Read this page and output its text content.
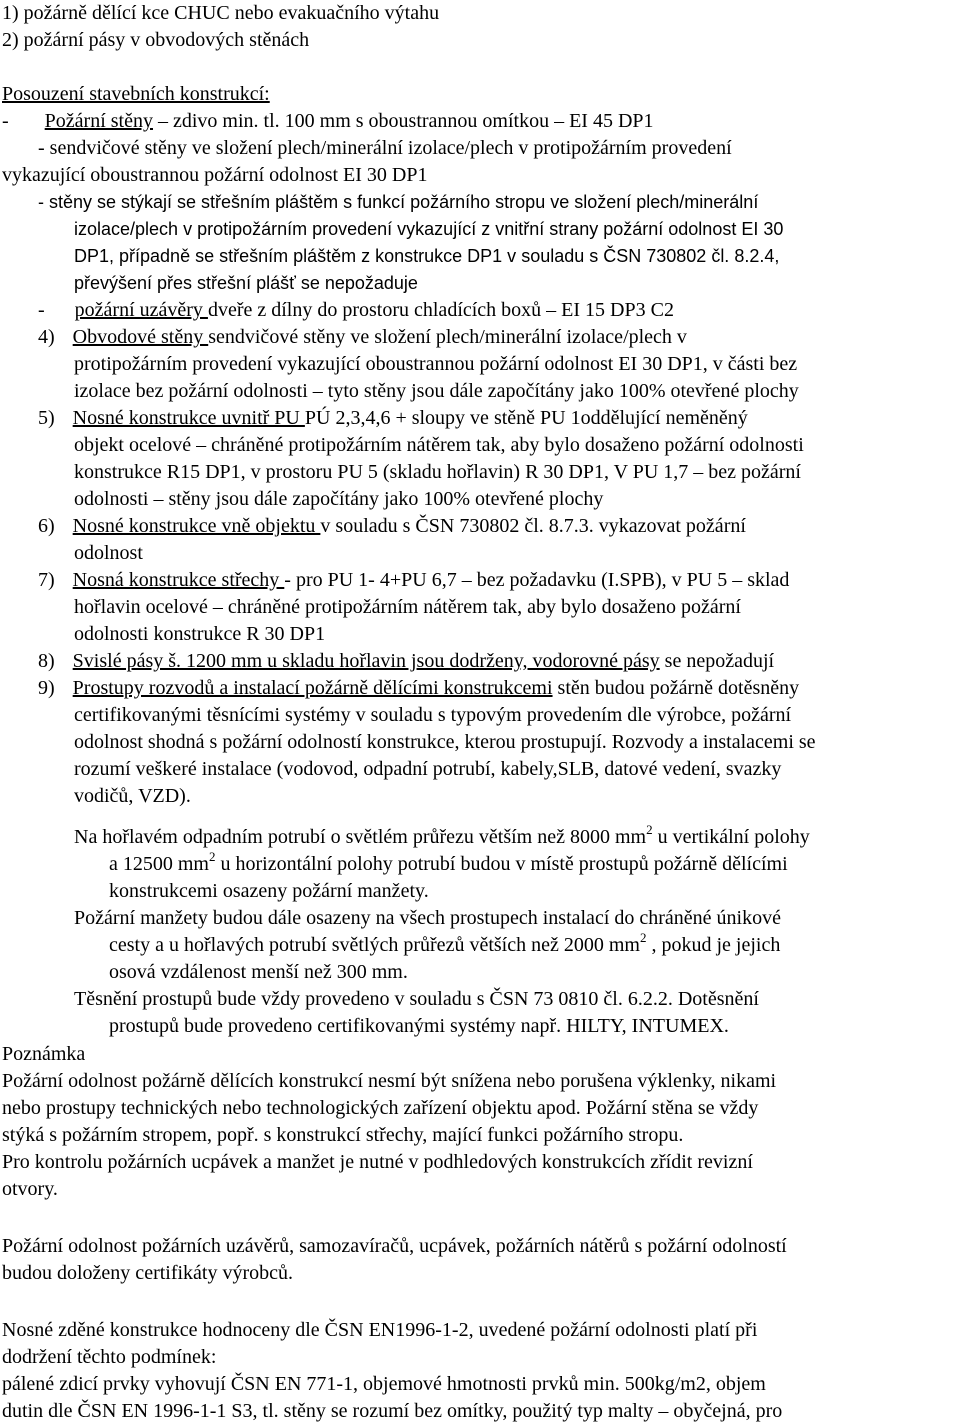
1) požárně dělící kce CHUC nebo evakuačního výtahu
2) požární pásy v obvodových stěnách
Posouzení stavebních konstrukcí:
- Požární stěny – zdivo min. tl. 100 mm s oboustrannou omítkou – EI 45 DP1
- sendvičové stěny ve složení plech/minerální izolace/plech v protipožárním provedení
vykazující oboustrannou požární odolnost EI 30 DP1
- stěny se stýkají se střešním pláštěm s funkcí požárního stropu ve složení plech/minerální
izolace/plech v protipožárním provedení vykazující z vnitřní strany požární odolnost EI 30
DP1, případně se střešním pláštěm z konstrukce DP1 v souladu s ČSN 730802 čl. 8.2.4,
převýšení přes střešní plášť se nepožaduje
- požární uzávěry dveře z dílny do prostoru chladících boxů – EI 15 DP3 C2
4) Obvodové stěny sendvičové stěny ve složení plech/minerální izolace/plech v
protipožárním provedení vykazující oboustrannou požární odolnost EI 30 DP1, v části bez
izolace bez požární odolnosti – tyto stěny jsou dále započítány jako 100% otevřené plochy
5) Nosné konstrukce uvnitř PU PÚ 2,3,4,6 + sloupy ve stěně PU 1oddělující neměněný
objekt ocelové – chráněné protipožárním nátěrem tak, aby bylo dosaženo požární odolnosti
konstrukce R15 DP1, v prostoru PU 5 (skladu hořlavin) R 30 DP1, V PU 1,7 – bez požární
odolnosti – stěny jsou dále započítány jako 100% otevřené plochy
6) Nosné konstrukce vně objektu v souladu s ČSN 730802 čl. 8.7.3. vykazovat požární
odolnost
7) Nosná konstrukce střechy - pro PU 1- 4+PU 6,7 – bez požadavku (I.SPB), v PU 5 – sklad
hořlavin ocelové – chráněné protipožárním nátěrem tak, aby bylo dosaženo požární
odolnosti konstrukce R 30 DP1
8) Svislé pásy š. 1200 mm u skladu hořlavin jsou dodrženy, vodorovné pásy se nepožadují
9) Prostupy rozvodů a instalací požárně dělícími konstrukcemi stěn budou požárně dotěsněny
certifikovanými těsnícími systémy v souladu s typovým provedením dle výrobce, požární
odolnost shodná s požární odolností konstrukce, kterou prostupují. Rozvody a instalacemi se
rozumí veškeré instalace (vodovod, odpadní potrubí, kabely,SLB, datové vedení, svazky
vodičů, VZD).
Na hořlavém odpadním potrubí o světlém průřezu větším než 8000 $mm^2$ u vertikální polohy
a 12500 $mm^2$ u horizontální polohy potrubí budou v místě prostupů požárně dělícími
konstrukcemi osazeny požární manžety.
Požární manžety budou dále osazeny na všech prostupech instalací do chráněné únikové
cesty a u hořlavých potrubí světlých průřezů větších než 2000 $mm^2$ , pokud je jejich
osová vzdálenost menší než 300 mm.
Těsnění prostupů bude vždy provedeno v souladu s ČSN 73 0810 čl. 6.2.2. Dotěsnění
prostupů bude provedeno certifikovanými systémy např. HILTY, INTUMEX.
Poznámka
Požární odolnost požárně dělících konstrukcí nesmí být snížena nebo porušena výklenky, nikami
nebo prostupy technických nebo technologických zařízení objektu apod. Požární stěna se vždy
stýká s požárním stropem, popř. s konstrukcí střechy, mající funkci požárního stropu.
Pro kontrolu požárních ucpávek a manžet je nutné v podhledových konstrukcích zřídit revizní
otvory.
Požární odolnost požárních uzávěrů, samozavíračů, ucpávek, požárních nátěrů s požární odolností
budou doloženy certifikáty výrobců.
Nosné zděné konstrukce hodnoceny dle ČSN EN1996-1-2, uvedené požární odolnosti platí při
dodržení těchto podmínek:
pálené zdicí prvky vyhovují ČSN EN 771-1, objemové hmotnosti prvků min. 500kg/m2, objem
dutin dle ČSN EN 1996-1-1 S3, tl. stěny se rozumí bez omítky, použitý typ malty – obyčejná, pro
